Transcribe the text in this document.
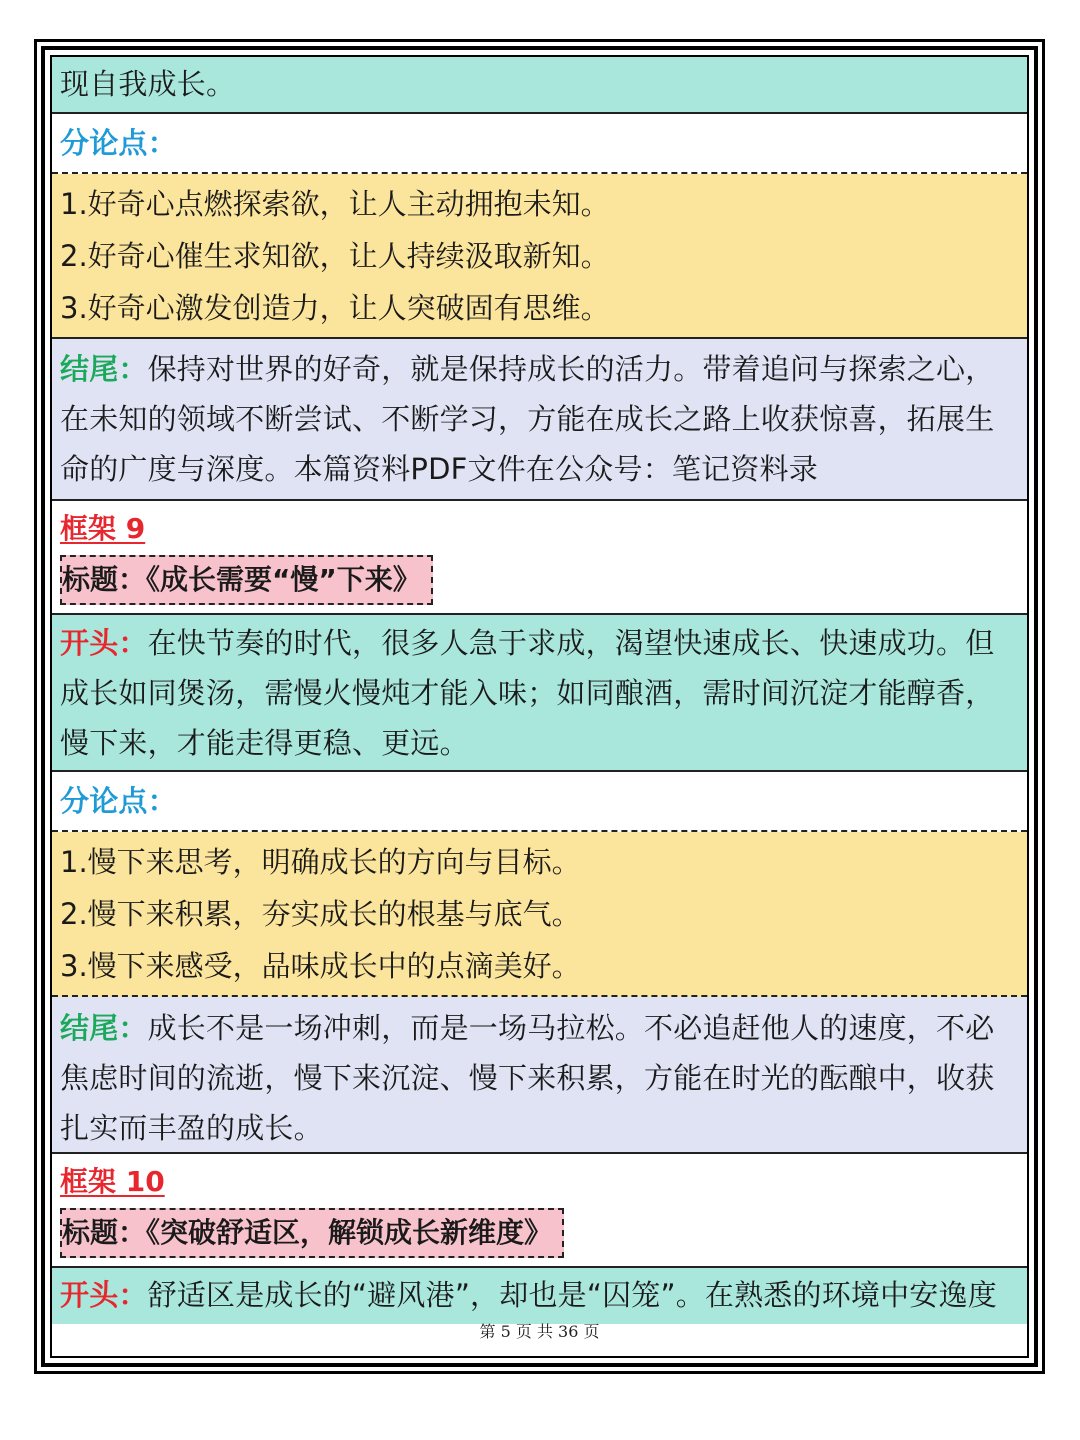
现自我成长。
分论点：
1.好奇心点燃探索欲，让人主动拥抱未知。
2.好奇心催生求知欲，让人持续汲取新知。
3.好奇心激发创造力，让人突破固有思维。
结尾：保持对世界的好奇，就是保持成长的活力。带着追问与探索之心，在未知的领域不断尝试、不断学习，方能在成长之路上收获惊喜，拓展生命的广度与深度。本篇资料PDF文件在公众号：笔记资料录
框架 9
标题：《成长需要“慢”下来》
开头：在快节奏的时代，很多人急于求成，渴望快速成长、快速成功。但成长如同煲汤，需慢火慢炖才能入味；如同酿酒，需时间沉淀才能醇香，慢下来，才能走得更稳、更远。
分论点：
1.慢下来思考，明确成长的方向与目标。
2.慢下来积累，夯实成长的根基与底气。
3.慢下来感受，品味成长中的点滴美好。
结尾：成长不是一场冲刺，而是一场马拉松。不必追赶他人的速度，不必焦虑时间的流逝，慢下来沉淀、慢下来积累，方能在时光的酝酿中，收获扎实而丰盈的成长。
框架 10
标题：《突破舒适区，解锁成长新维度》
开头：舒适区是成长的“避风港”，却也是“囚笼”。在熟悉的环境中安逸度
第 5 页 共 36 页
